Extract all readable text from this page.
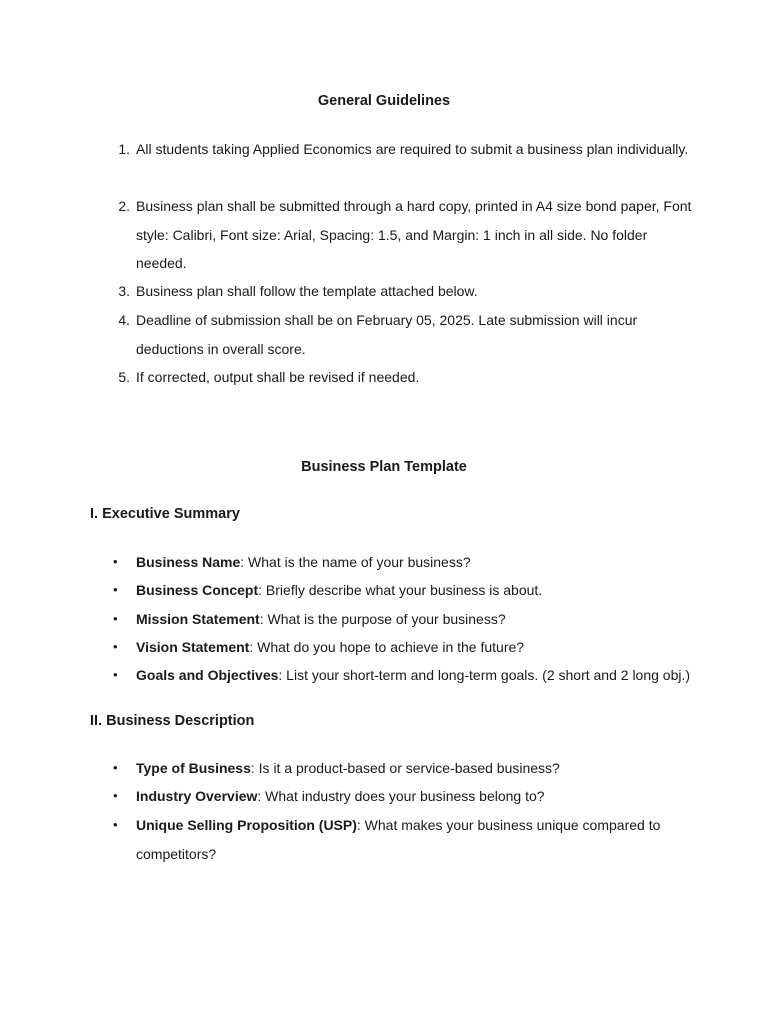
General Guidelines
1. All students taking Applied Economics are required to submit a business plan individually.
2. Business plan shall be submitted through a hard copy, printed in A4 size bond paper, Font style: Calibri, Font size: Arial, Spacing: 1.5, and Margin: 1 inch in all side. No folder needed.
3. Business plan shall follow the template attached below.
4. Deadline of submission shall be on February 05, 2025. Late submission will incur deductions in overall score.
5. If corrected, output shall be revised if needed.
Business Plan Template
I. Executive Summary
•	Business Name: What is the name of your business?
•	Business Concept: Briefly describe what your business is about.
•	Mission Statement: What is the purpose of your business?
•	Vision Statement: What do you hope to achieve in the future?
•	Goals and Objectives: List your short-term and long-term goals. (2 short and 2 long obj.)
II. Business Description
•	Type of Business: Is it a product-based or service-based business?
•	Industry Overview: What industry does your business belong to?
•	Unique Selling Proposition (USP): What makes your business unique compared to competitors?
